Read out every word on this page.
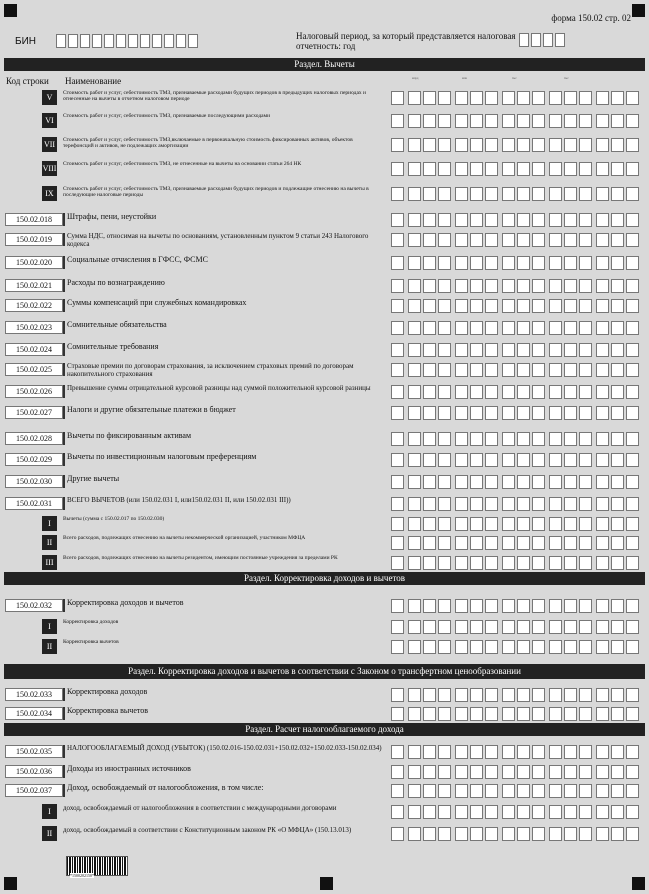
форма 150.02 стр. 02
БИН	Налоговый период, за который представляется налоговая отчетность: год
Раздел. Вычеты
Код строки Наименование	млрд	млн	тыс	тыс
V	Стоимость работ и услуг, себестоимость ТМЗ, признаваемые расходами будущих периодов в предыдущих налоговых периодах и отнесенные на вычеты в отчетном налоговом периоде
VI	Стоимость работ и услуг, себестоимость ТМЗ, признаваемые последующими расходами
VII	Стоимость работ и услуг, себестоимость ТМЗ,включаемые в первоначальную стоимость фиксированных активов, объектов терефонсций и активов, не подлежащих амортизации
VIII Стоимость работ и услуг, себестоимость ТМЗ, не отнесенные на вычеты на основании статьи 264 НК
IX	Стоимость работ и услуг, себестоимость ТМЗ, признаваемые расходами будущих периодов и подлежащие отнесению на вычеты в последующие налоговые периоды
150.02.018	Штрафы, пени, неустойки
150.02.019	Сумма НДС, относимая на вычеты по основаниям, установленным пунктом 9 статьи 243 Налогового кодекса
150.02.020	Социальные отчисления в ГФСС, ФСМС
150.02.021	Расходы по вознаграждению
150.02.022	Суммы компенсаций при служебных командировках
150.02.023	Сомнительные обязательства
150.02.024	Сомнительные требования
150.02.025	Страховые премии по договорам страхования, за исключением страховых премий по договорам накопительного страхования
150.02.026	Превышение суммы отрицательной курсовой разницы над суммой положительной курсовой разницы
150.02.027	Налоги и другие обязательные платежи в бюджет
150.02.028	Вычеты по фиксированным активам
150.02.029	Вычеты по инвестиционным налоговым преференциям
150.02.030	Другие вычеты
150.02.031	ВСЕГО ВЫЧЕТОВ (или 150.02.031 I, или150.02.031 II, или 150.02.031 III))
I	Вычеты (сумма с 150.02.017 по 150.02.030)
II	Всего расходов, подлежащих отнесению на вычеты некоммерческой организацией, участником МФЦА
III	Всего расходов, подлежащих отнесению на вычеты резидентом, имеющим постоянные учреждения за пределами РК
150.02.032	Корректировка доходов и вычетов
I	Корректировка доходов
II	Корректировка вычетов
150.02.033	Корректировка доходов
150.02.034	Корректировка вычетов
150.02.035	НАЛОГООБЛАГАЕМЫЙ ДОХОД (УБЫТОК) (150.02.016-150.02.031+150.02.032+150.02.033-150.02.034)
150.02.036	Доходы из иностранных источников
150.02.037	Доход, освобождаемый от налогообложения, в том числе:
I	доход, освобождаемый от налогообложения в соответствии с международными договорами
II	доход, освобождаемый в соответствии с Конституционным законом РК «О МФЦА» (150.13.013)
Раздел. Корректировка доходов и вычетов
Раздел. Корректировка доходов и вычетов в соответствии с Законом о трансфертном ценообразовании
Раздел. Расчет налогооблагаемого дохода
*1500202150*
